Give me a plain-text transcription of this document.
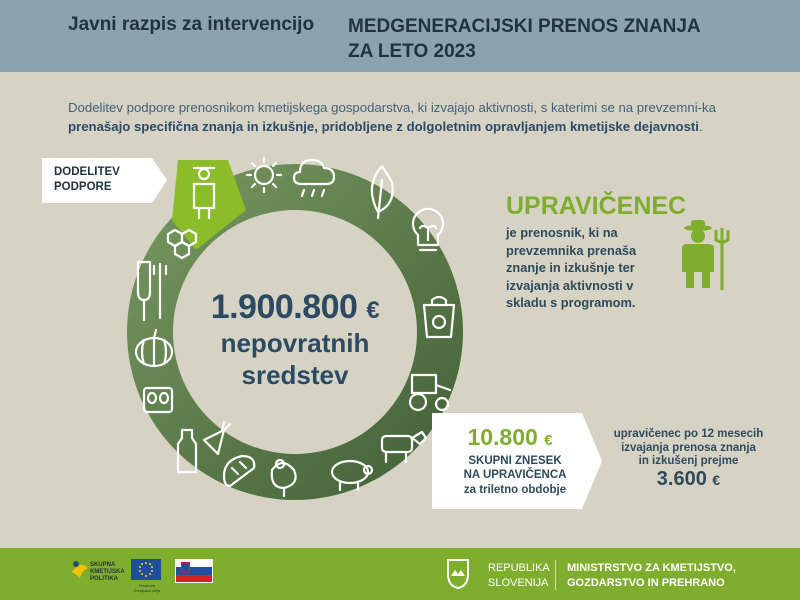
Javni razpis za intervencijo MEDGENERACIJSKI PRENOS ZNANJA
ZA LETO 2023
Dodelitev podpore prenosnikom kmetijskega gospodarstva, ki izvajajo aktivnosti, s katerimi se na prevzemni-ka prenašajo specifična znanja in izkušnje, pridobljene z dolgoletnim opravljanjem kmetijske dejavnosti.
DODELITEV
PODPORE
1.900.800 €
nepovratnih
sredstev
UPRAVIČENEC
je prenosnik, ki na prevzemnika prenaša znanje in izkušnje ter izvajanja aktivnosti v skladu s programom.
10.800 €
SKUPNI ZNESEK
NA UPRAVIČENCA
za triletno obdobje
upravičenec po 12 mesecih
izvajanja prenosa znanja
in izkušenj prejme
3.600 €
SKUPNA
KMETIJSKA
POLITIKA
Financira
Evropska unija
REPUBLIKA
SLOVENIJA
MINISTRSTVO ZA KMETIJSTVO,
GOZDARSTVO IN PREHRANO
